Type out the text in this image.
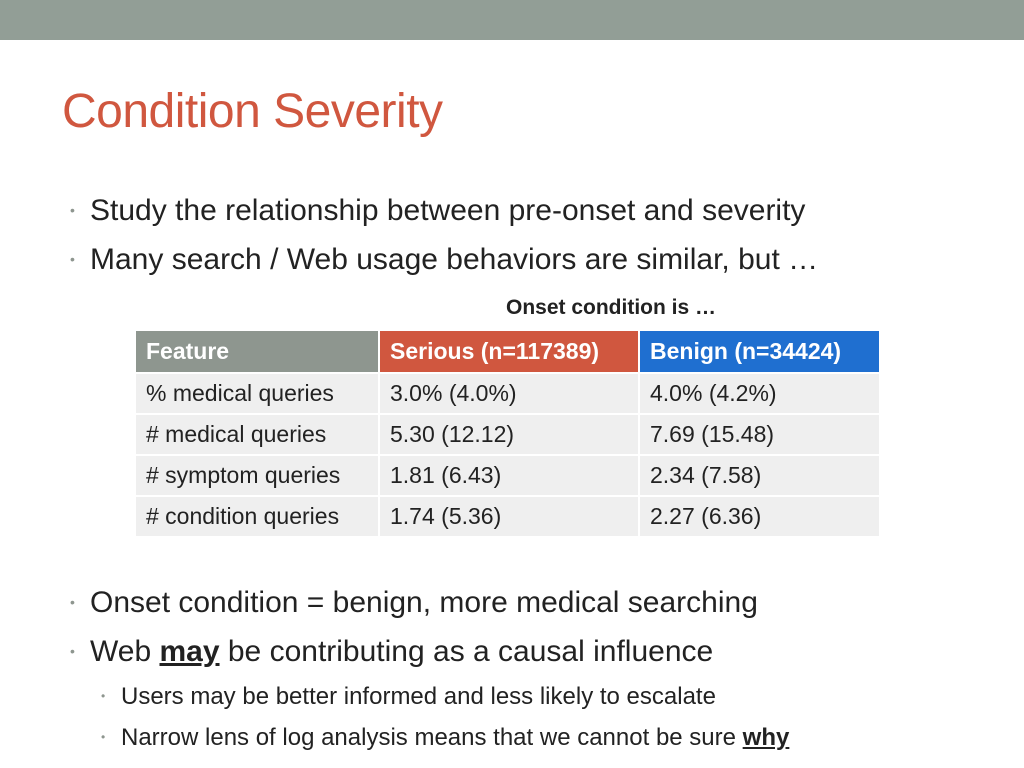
Condition Severity
• Study the relationship between pre-onset and severity
• Many search / Web usage behaviors are similar, but …
Onset condition is …
Feature	Serious (n=117389)	Benign (n=34424)
% medical queries	3.0% (4.0%)	4.0% (4.2%)
# medical queries	5.30 (12.12)	7.69 (15.48)
# symptom queries	1.81 (6.43)	2.34 (7.58)
# condition queries	1.74 (5.36)	2.27 (6.36)
• Onset condition = benign, more medical searching
• Web may be contributing as a causal influence
• Users may be better informed and less likely to escalate
• Narrow lens of log analysis means that we cannot be sure why
